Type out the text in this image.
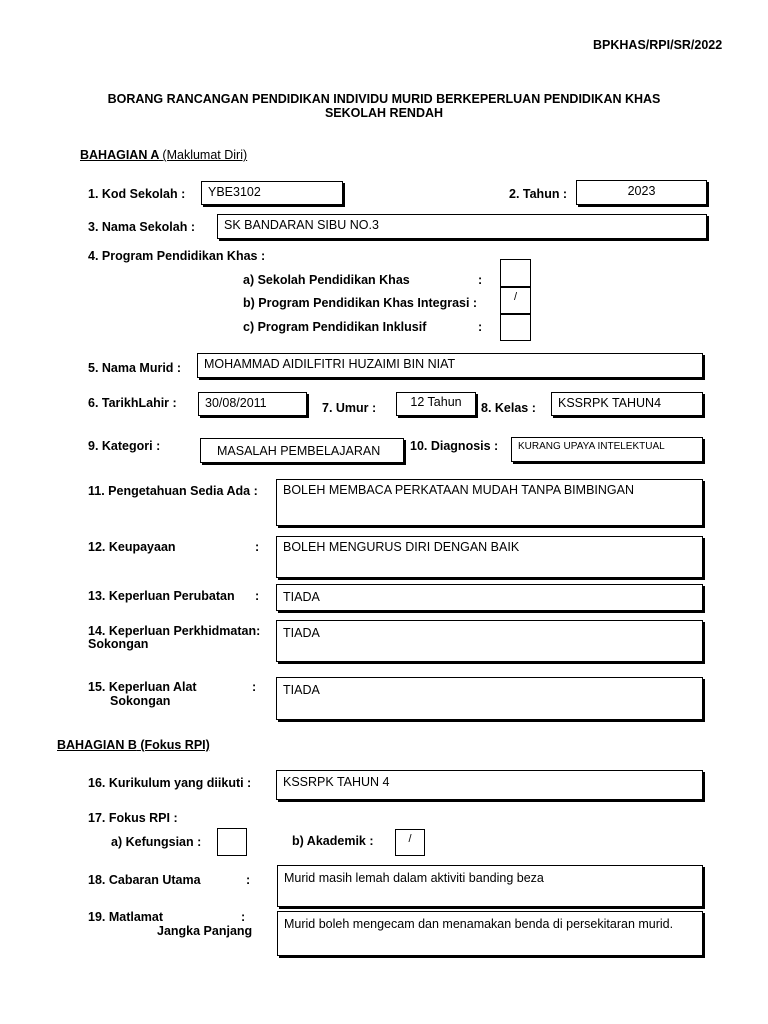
BPKHAS/RPI/SR/2022
BORANG RANCANGAN PENDIDIKAN INDIVIDU MURID BERKEPERLUAN PENDIDIKAN KHAS
SEKOLAH RENDAH
BAHAGIAN A (Maklumat Diri)
1. Kod Sekolah :	YBE3102	2. Tahun :	2023
3. Nama Sekolah :	SK BANDARAN SIBU NO.3
4. Program Pendidikan Khas :
a) Sekolah Pendidikan Khas	:
b) Program Pendidikan Khas Integrasi :	/
c) Program Pendidikan Inklusif	:
5. Nama Murid :	MOHAMMAD AIDILFITRI HUZAIMI BIN NIAT
6. TarikhLahir :	30/08/2011	7. Umur :	12 Tahun	8. Kelas :	KSSRPK TAHUN4
9. Kategori :	MASALAH PEMBELAJARAN	10. Diagnosis :	KURANG UPAYA INTELEKTUAL
11. Pengetahuan Sedia Ada :	BOLEH MEMBACA PERKATAAN MUDAH TANPA BIMBINGAN
12. Keupayaan	:	BOLEH MENGURUS DIRI DENGAN BAIK
13. Keperluan Perubatan :	TIADA
14. Keperluan Perkhidmatan:
Sokongan
TIADA
15. Keperluan Alat
Sokongan
:	TIADA
BAHAGIAN B (Fokus RPI)
16. Kurikulum yang diikuti :	KSSRPK TAHUN 4
17. Fokus RPI :
a) Kefungsian :	b) Akademik :	/
18. Cabaran Utama	:	Murid masih lemah dalam aktiviti banding beza
19. Matlamat
Jangka Panjang
:	Murid boleh mengecam dan menamakan benda di persekitaran murid.
